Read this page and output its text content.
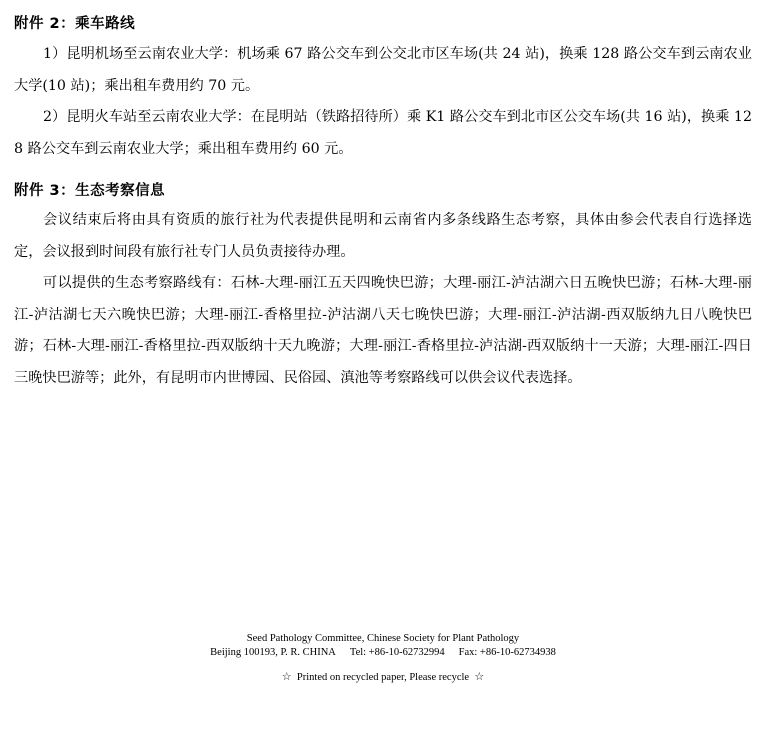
附件 2：乘车路线

1）昆明机场至云南农业大学：机场乘 67 路公交车到公交北市区车场(共 24 站)，换乘 128 路公交车到云南农业大学(10 站)；乘出租车费用约 70 元。

2）昆明火车站至云南农业大学：在昆明站（铁路招待所）乘 K1 路公交车到北市区公交车场(共 16 站)，换乘 128 路公交车到云南农业大学；乘出租车费用约 60 元。

附件 3：生态考察信息

会议结束后将由具有资质的旅行社为代表提供昆明和云南省内多条线路生态考察，具体由参会代表自行选择选定，会议报到时间段有旅行社专门人员负责接待办理。

可以提供的生态考察路线有：石林-大理-丽江五天四晚快巴游；大理-丽江-泸沽湖六日五晚快巴游；石林-大理-丽江-泸沽湖七天六晚快巴游；大理-丽江-香格里拉-泸沽湖八天七晚快巴游；大理-丽江-泸沽湖-西双版纳九日八晚快巴游；石林-大理-丽江-香格里拉-西双版纳十天九晚游；大理-丽江-香格里拉-泸沽湖-西双版纳十一天游；大理-丽江-四日三晚快巴游等；此外，有昆明市内世博园、民俗园、滇池等考察路线可以供会议代表选择。

Seed Pathology Committee, Chinese Society for Plant Pathology
Beijing 100193, P. R. CHINA Tel: +86-10-62732994 Fax: +86-10-62734938
☆ Printed on recycled paper, Please recycle ☆
